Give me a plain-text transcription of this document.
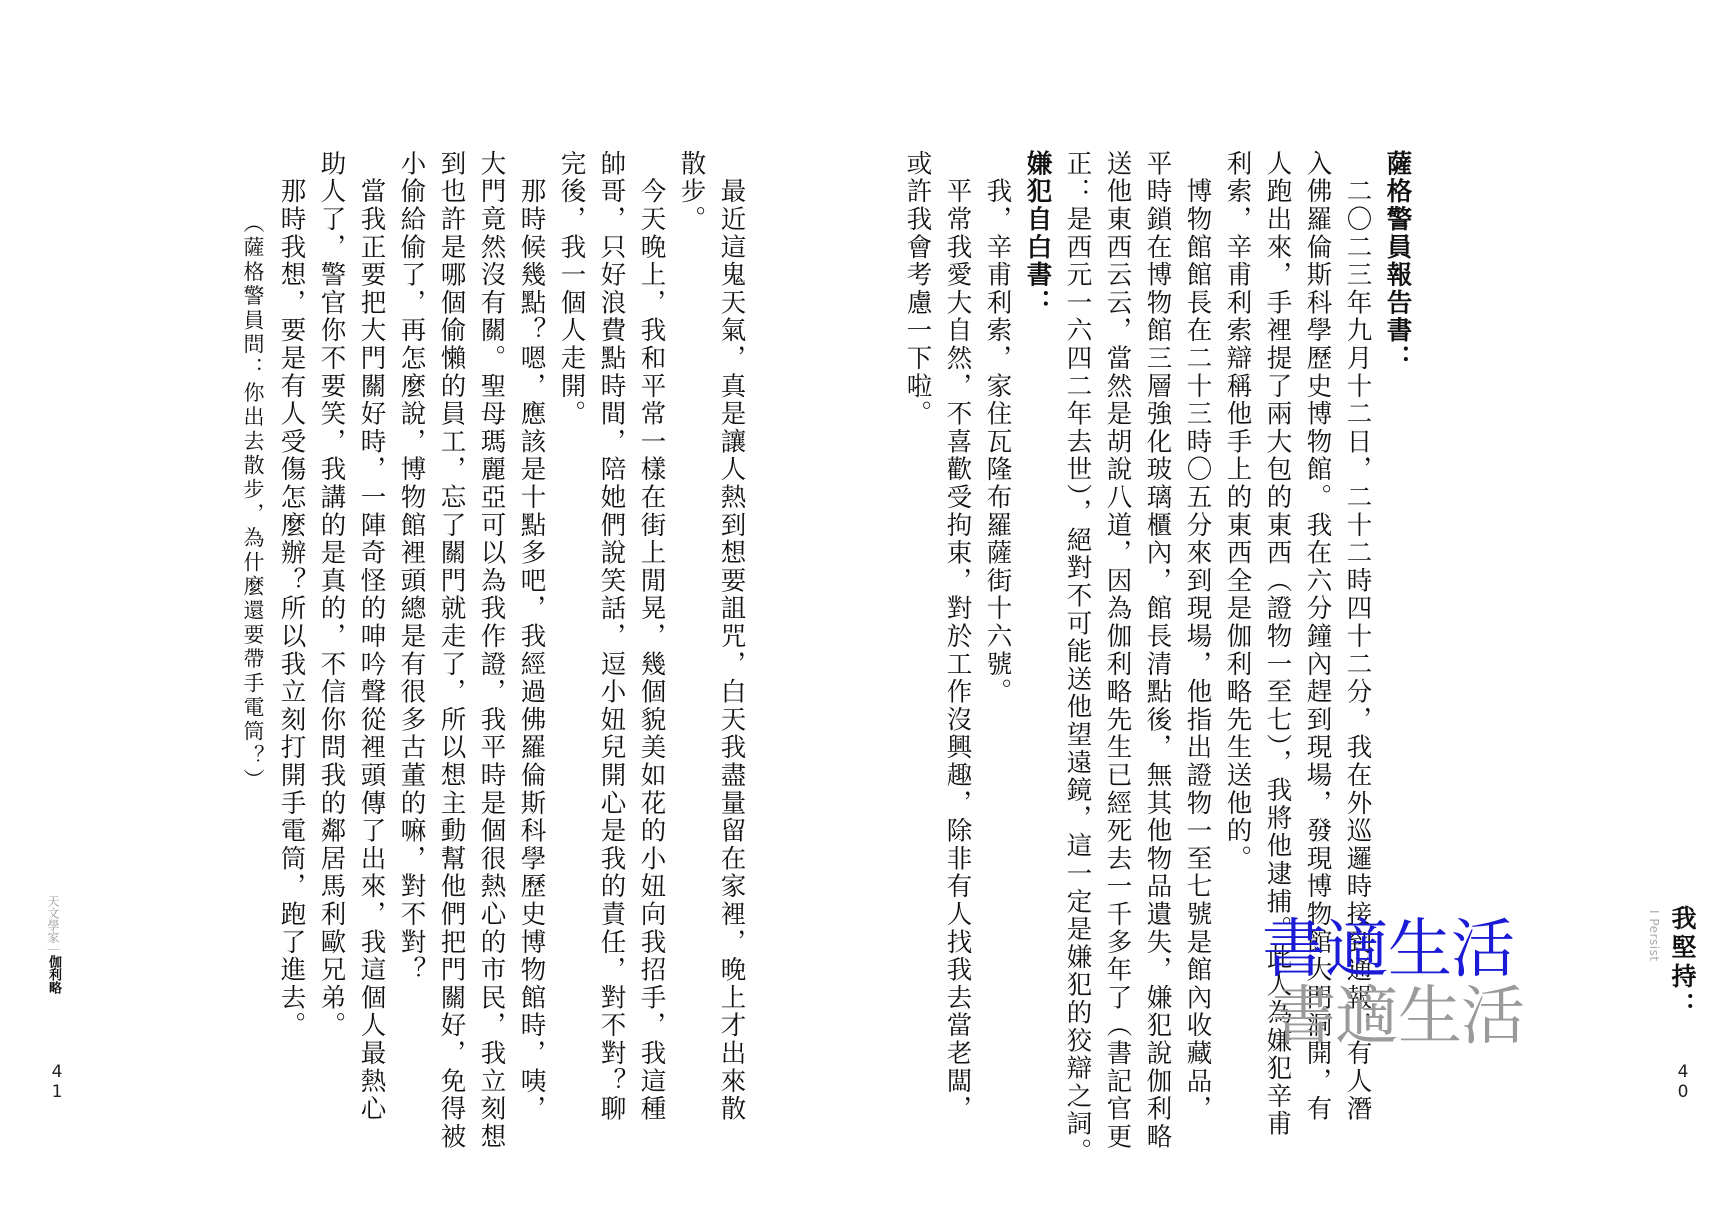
我堅持：
I Persist
薩格警員報告書：
　二〇二三年九月十二日，二十二時四十二分，我在外巡邏時接到通報，有人潛
入佛羅倫斯科學歷史博物館。我在六分鐘內趕到現場，發現博物館大門洞開，有
人跑出來，手裡提了兩大包的東西（證物一至七），我將他逮捕。此人為嫌犯辛甫
利索，辛甫利索辯稱他手上的東西全是伽利略先生送他的。
　博物館館長在二十三時〇五分來到現場，他指出證物一至七號是館內收藏品，
平時鎖在博物館三層強化玻璃櫃內，館長清點後，無其他物品遺失，嫌犯說伽利略
送他東西云云，當然是胡說八道，因為伽利略先生已經死去一千多年了（書記官更
正：是西元一六四二年去世），絕對不可能送他望遠鏡，這一定是嫌犯的狡辯之詞。
嫌犯自白書：
　我，辛甫利索，家住瓦隆布羅薩街十六號。
　平常我愛大自然，不喜歡受拘束，對於工作沒興趣，除非有人找我去當老闆，
或許我會考慮一下啦。
4
0
　最近這鬼天氣，真是讓人熱到想要詛咒，白天我盡量留在家裡，晚上才出來散
散步。
　今天晚上，我和平常一樣在街上閒晃，幾個貌美如花的小妞向我招手，我這種
帥哥，只好浪費點時間，陪她們說笑話，逗小妞兒開心是我的責任，對不對？聊
完後，我一個人走開。
　那時候幾點？嗯，應該是十點多吧，我經過佛羅倫斯科學歷史博物館時，咦，
大門竟然沒有關。聖母瑪麗亞可以為我作證，我平時是個很熱心的市民，我立刻想
到也許是哪個偷懶的員工，忘了關門就走了，所以想主動幫他們把門關好，免得被
小偷給偷了，再怎麼說，博物館裡頭總是有很多古董的嘛，對不對？
　當我正要把大門關好時，一陣奇怪的呻吟聲從裡頭傳了出來，我這個人最熱心
助人了，警官你不要笑，我講的是真的，不信你問我的鄰居馬利歐兄弟。
　那時我想，要是有人受傷怎麼辦？所以我立刻打開手電筒，跑了進去。
（薩格警員問：你出去散步，為什麼還要帶手電筒？）
天文學家｜伽利略
4
1
書適生活
書適生活
